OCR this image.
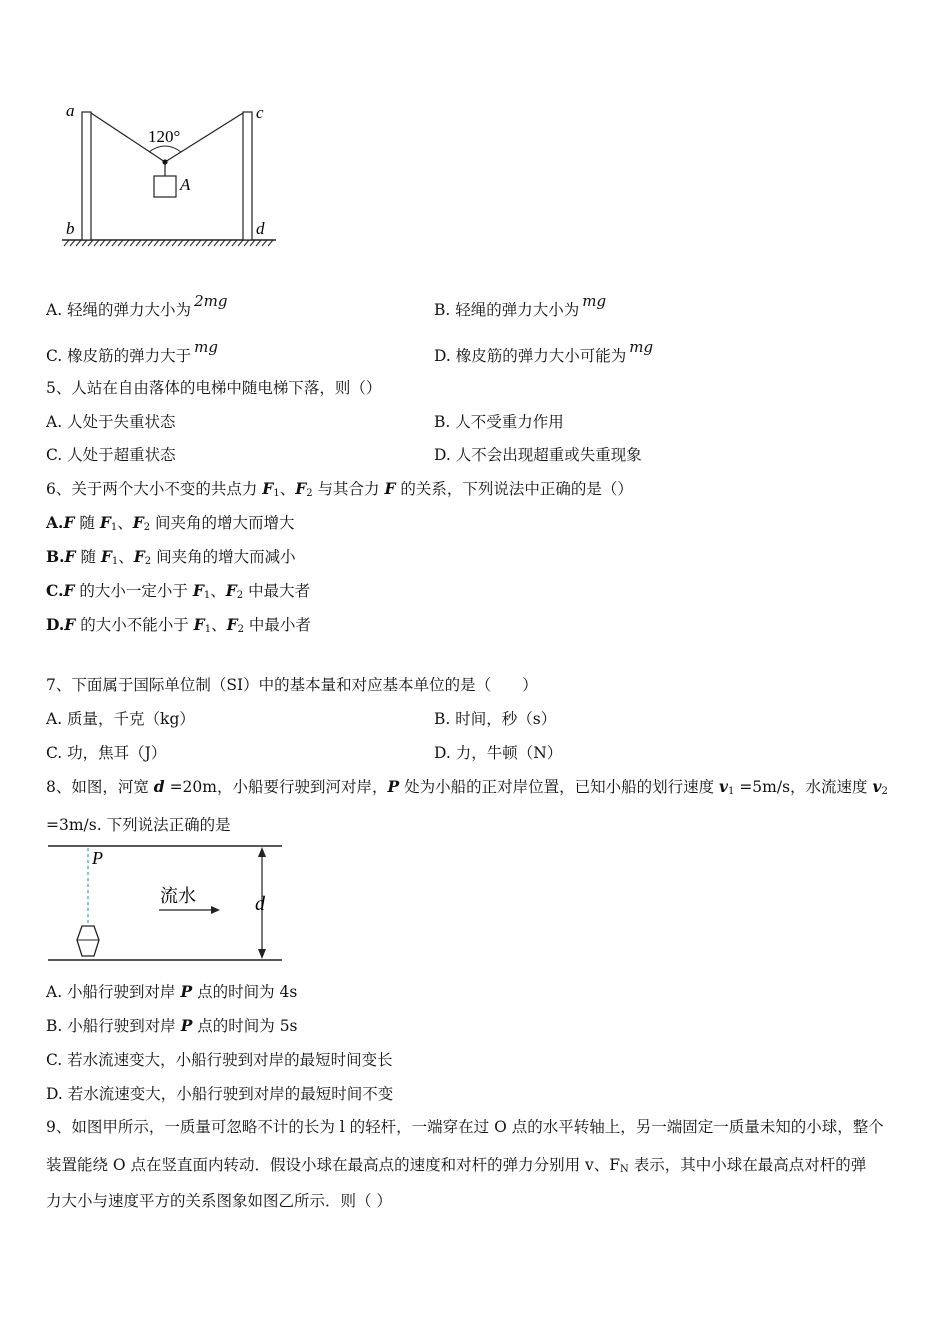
a
b
c
d
120°
A
A. 轻绳的弹力大小为 2mg	B. 轻绳的弹力大小为 mg
C. 橡皮筋的弹力大于 mg	D. 橡皮筋的弹力大小可能为 mg
5、人站在自由落体的电梯中随电梯下落，则（）
A. 人处于失重状态	B. 人不受重力作用
C. 人处于超重状态	D. 人不会出现超重或失重现象
6、关于两个大小不变的共点力 $F_1$、$F_2$ 与其合力 F 的关系，下列说法中正确的是（）
A.F 随 $F_1$、$F_2$ 间夹角的增大而增大
B.F 随 $F_1$、$F_2$ 间夹角的增大而减小
C.F 的大小一定小于 $F_1$、$F_2$ 中最大者
D.F 的大小不能小于 $F_1$、$F_2$ 中最小者
7、下面属于国际单位制（SI）中的基本量和对应基本单位的是（　　）
A. 质量，千克（kg）	B. 时间，秒（s）
C. 功，焦耳（J）	D. 力，牛顿（N）
8、如图，河宽 d =20m，小船要行驶到河对岸，P 处为小船的正对岸位置，已知小船的划行速度 $v_1 =5m/s$，水流速度 $v_2$
=3m/s. 下列说法正确的是
P
流水	d
A. 小船行驶到对岸 P 点的时间为 4s
B. 小船行驶到对岸 P 点的时间为 5s
C. 若水流速变大，小船行驶到对岸的最短时间变长
D. 若水流速变大，小船行驶到对岸的最短时间不变
9、如图甲所示，一质量可忽略不计的长为 l 的轻杆，一端穿在过 O 点的水平转轴上，另一端固定一质量未知的小球，整个
装置能绕 O 点在竖直面内转动．假设小球在最高点的速度和对杆的弹力分别用 v、$F_N$ 表示，其中小球在最高点对杆的弹
力大小与速度平方的关系图象如图乙所示．则（ ）
